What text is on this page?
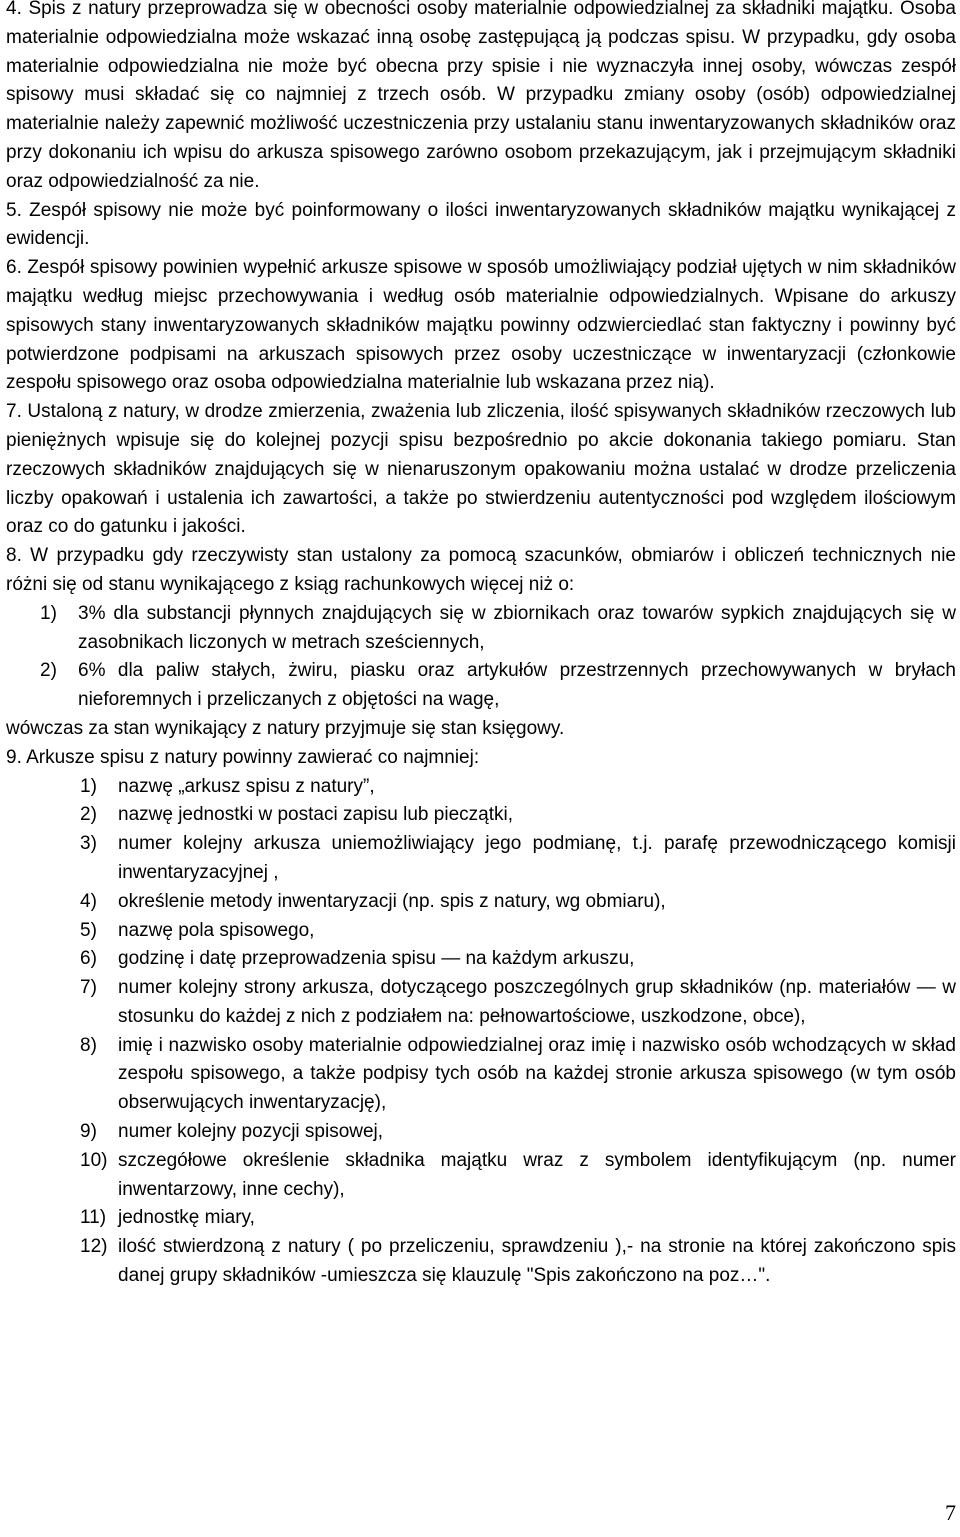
4. Spis z natury przeprowadza się w obecności osoby materialnie odpowiedzialnej za składniki majątku. Osoba materialnie odpowiedzialna może wskazać inną osobę zastępującą ją podczas spisu. W przypadku, gdy osoba materialnie odpowiedzialna nie może być obecna przy spisie i nie wyznaczyła innej osoby, wówczas zespół spisowy musi składać się co najmniej z trzech osób. W przypadku zmiany osoby (osób) odpowiedzialnej materialnie należy zapewnić możliwość uczestniczenia przy ustalaniu stanu inwentaryzowanych składników oraz przy dokonaniu ich wpisu do arkusza spisowego zarówno osobom przekazującym, jak i przejmującym składniki oraz odpowiedzialność za nie.

5. Zespół spisowy nie może być poinformowany o ilości inwentaryzowanych składników majątku wynikającej z ewidencji.

6. Zespół spisowy powinien wypełnić arkusze spisowe w sposób umożliwiający podział ujętych w nim składników majątku według miejsc przechowywania i według osób materialnie odpowiedzialnych. Wpisane do arkuszy spisowych stany inwentaryzowanych składników majątku powinny odzwierciedlać stan faktyczny i powinny być potwierdzone podpisami na arkuszach spisowych przez osoby uczestniczące w inwentaryzacji (członkowie zespołu spisowego oraz osoba odpowiedzialna materialnie lub wskazana przez nią).

7. Ustaloną z natury, w drodze zmierzenia, zważenia lub zliczenia, ilość spisywanych składników rzeczowych lub pieniężnych wpisuje się do kolejnej pozycji spisu bezpośrednio po akcie dokonania takiego pomiaru. Stan rzeczowych składników znajdujących się w nienaruszonym opakowaniu można ustalać w drodze przeliczenia liczby opakowań i ustalenia ich zawartości, a także po stwierdzeniu autentyczności pod względem ilościowym oraz co do gatunku i jakości.

8. W przypadku gdy rzeczywisty stan ustalony za pomocą szacunków, obmiarów i obliczeń technicznych nie różni się od stanu wynikającego z ksiąg rachunkowych więcej niż o:

1)	3% dla substancji płynnych znajdujących się w zbiornikach oraz towarów sypkich znajdujących się w zasobnikach liczonych w metrach sześciennych,
2)	6% dla paliw stałych, żwiru, piasku oraz artykułów przestrzennych przechowywanych w bryłach nieforemnych i przeliczanych z objętości na wagę,

wówczas za stan wynikający z natury przyjmuje się stan księgowy.

9. Arkusze spisu z natury powinny zawierać co najmniej:

1)	nazwę „arkusz spisu z natury”,
2)	nazwę jednostki w postaci zapisu lub pieczątki,
3)	numer kolejny arkusza uniemożliwiający jego podmianę, t.j. parafę przewodniczącego komisji inwentaryzacyjnej ,
4)	określenie metody inwentaryzacji (np. spis z natury, wg obmiaru),
5)	nazwę pola spisowego,
6)	godzinę i datę przeprowadzenia spisu — na każdym arkuszu,
7)	numer kolejny strony arkusza, dotyczącego poszczególnych grup składników (np. materiałów — w stosunku do każdej z nich z podziałem na: pełnowartościowe, uszkodzone, obce),
8)	imię i nazwisko osoby materialnie odpowiedzialnej oraz imię i nazwisko osób wchodzących w skład zespołu spisowego, a także podpisy tych osób na każdej stronie arkusza spisowego (w tym osób obserwujących inwentaryzację),
9)	numer kolejny pozycji spisowej,
10) szczegółowe określenie składnika majątku wraz z symbolem identyfikującym (np. numer inwentarzowy, inne cechy),
11) jednostkę miary,
12) ilość stwierdzoną z natury ( po przeliczeniu, sprawdzeniu ),- na stronie na której zakończono spis danej grupy składników -umieszcza się klauzulę "Spis zakończono na poz…".
7
